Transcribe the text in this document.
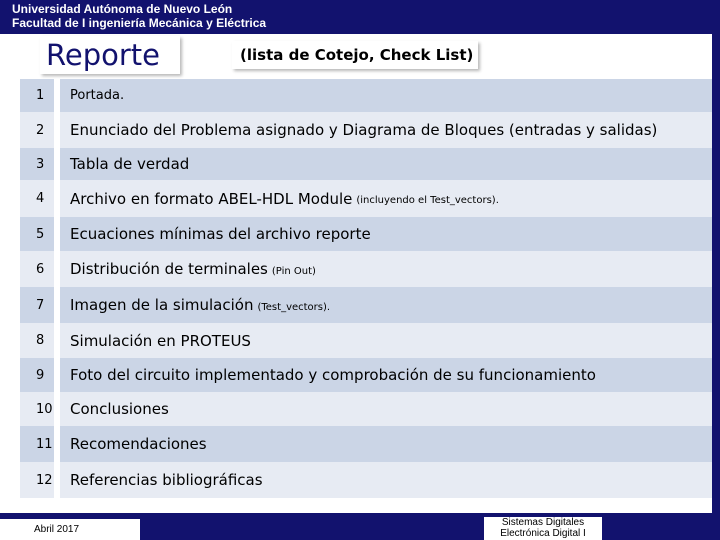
Universidad Autónoma de Nuevo León
Facultad de I ingeniería Mecánica y Eléctrica
Reporte	(lista de Cotejo, Check List)
1 Portada.
2 Enunciado del Problema asignado y Diagrama de Bloques (entradas y salidas)
3 Tabla de verdad
4 Archivo en formato ABEL-HDL Module (incluyendo el Test_vectors).
5 Ecuaciones mínimas del archivo reporte
6 Distribución de terminales (Pin Out)
7 Imagen de la simulación (Test_vectors).
8 Simulación en PROTEUS
9 Foto del circuito implementado y comprobación de su funcionamiento
10 Conclusiones
11 Recomendaciones
12 Referencias bibliográficas
Abril 2017
Sistemas Digitales
Electrónica Digital I
